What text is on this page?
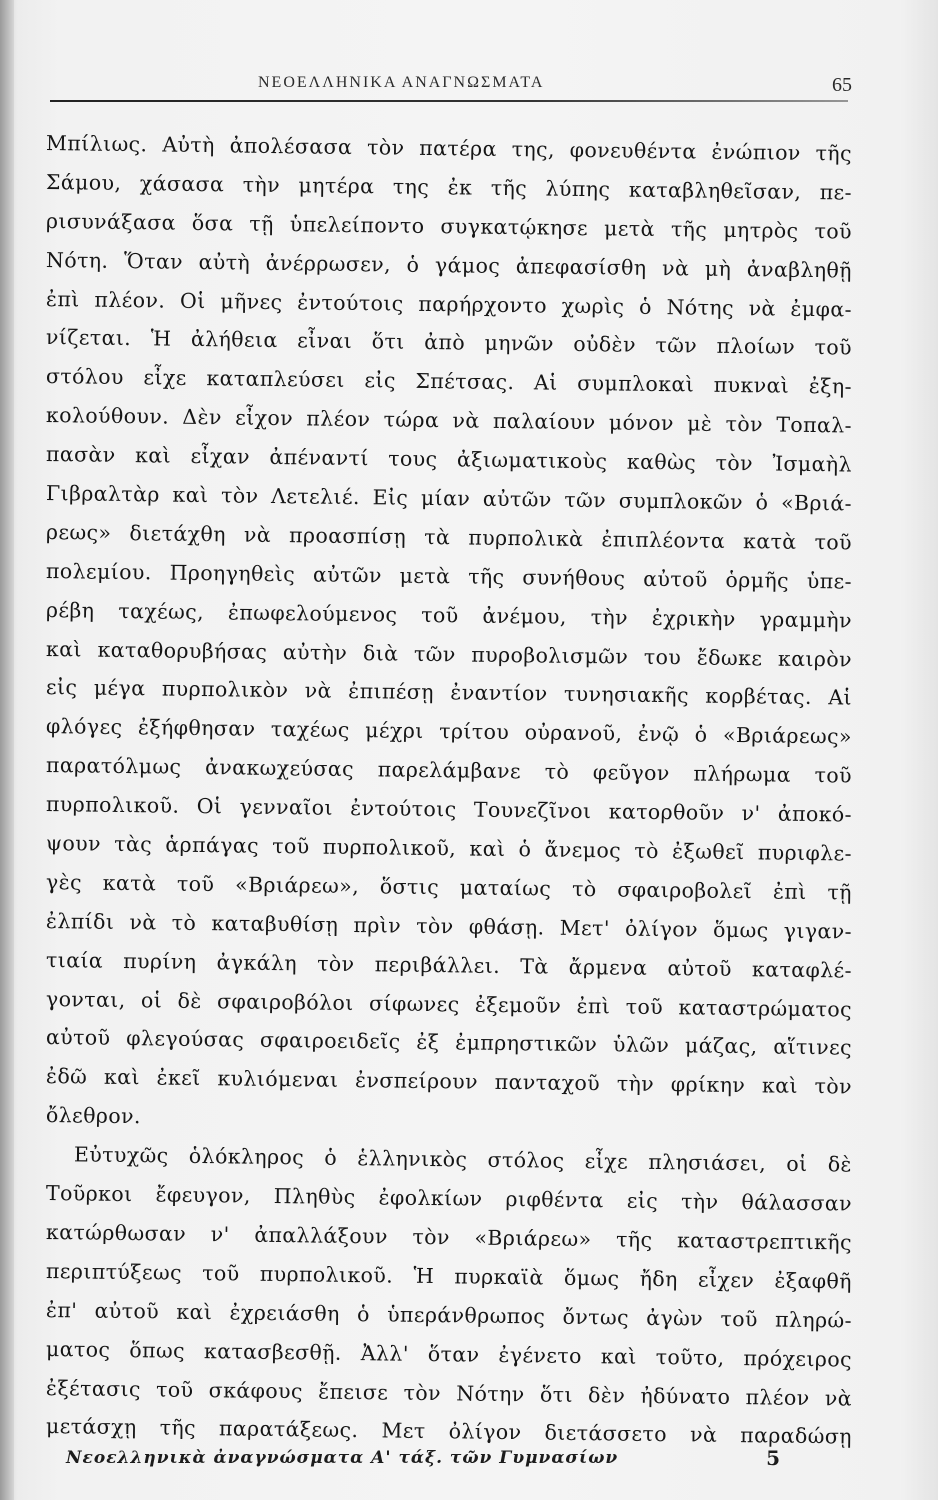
ΝΕΟΕΛΛΗΝΙΚΑ ΑΝΑΓΝΩΣΜΑΤΑ	65
Μπίλιως. Αὐτὴ ἀπολέσασα τὸν πατέρα της, φονευθέντα ἐνώπιον τῆς
Σάμου, χάσασα τὴν μητέρα της ἐκ τῆς λύπης καταβληθεῖσαν, πε-
ρισυνάξασα ὅσα τῇ ὑπελείποντο συγκατῴκησε μετὰ τῆς μητρὸς τοῦ
Νότη. Ὅταν αὐτὴ ἀνέρρωσεν, ὁ γάμος ἀπεφασίσθη νὰ μὴ ἀναβληθῇ
ἐπὶ πλέον. Οἱ μῆνες ἐντούτοις παρήρχοντο χωρὶς ὁ Νότης νὰ ἐμφα-
νίζεται. Ἡ ἀλήθεια εἶναι ὅτι ἀπὸ μηνῶν οὐδὲν τῶν πλοίων τοῦ
στόλου εἶχε καταπλεύσει εἰς Σπέτσας. Αἱ συμπλοκαὶ πυκναὶ ἐξη-
κολούθουν. Δὲν εἶχον πλέον τώρα νὰ παλαίουν μόνον μὲ τὸν Τοπαλ-
πασὰν καὶ εἶχαν ἀπέναντί τους ἀξιωματικοὺς καθὼς τὸν Ἰσμαὴλ
Γιβραλτὰρ καὶ τὸν Λετελιέ. Εἰς μίαν αὐτῶν τῶν συμπλοκῶν ὁ «Βριά-
ρεως» διετάχθη νὰ προασπίσῃ τὰ πυρπολικὰ ἐπιπλέοντα κατὰ τοῦ
πολεμίου. Προηγηθεὶς αὐτῶν μετὰ τῆς συνήθους αὐτοῦ ὁρμῆς ὑπε-
ρέβη ταχέως, ἐπωφελούμενος τοῦ ἀνέμου, τὴν ἐχρικὴν γραμμὴν
καὶ καταθορυβήσας αὐτὴν διὰ τῶν πυροβολισμῶν του ἔδωκε καιρὸν
εἰς μέγα πυρπολικὸν νὰ ἐπιπέσῃ ἐναντίον τυνησιακῆς κορβέτας. Αἱ
φλόγες ἐξήφθησαν ταχέως μέχρι τρίτου οὐρανοῦ, ἐνῷ ὁ «Βριάρεως»
παρατόλμως ἀνακωχεύσας παρελάμβανε τὸ φεῦγον πλήρωμα τοῦ
πυρπολικοῦ. Οἱ γενναῖοι ἐντούτοις Τουνεζῖνοι κατορθοῦν ν' ἀποκό-
ψουν τὰς ἁρπάγας τοῦ πυρπολικοῦ, καὶ ὁ ἄνεμος τὸ ἐξωθεῖ πυριφλε-
γὲς κατὰ τοῦ «Βριάρεω», ὅστις ματαίως τὸ σφαιροβολεῖ ἐπὶ τῇ
ἐλπίδι νὰ τὸ καταβυθίσῃ πρὶν τὸν φθάσῃ. Μετ' ὀλίγον ὅμως γιγαν-
τιαία πυρίνη ἀγκάλη τὸν περιβάλλει. Τὰ ἄρμενα αὐτοῦ καταφλέ-
γονται, οἱ δὲ σφαιροβόλοι σίφωνες ἐξεμοῦν ἐπὶ τοῦ καταστρώματος
αὐτοῦ φλεγούσας σφαιροειδεῖς ἐξ ἐμπρηστικῶν ὑλῶν μάζας, αἵτινες
ἐδῶ καὶ ἐκεῖ κυλιόμεναι ἐνσπείρουν πανταχοῦ τὴν φρίκην καὶ τὸν
ὄλεθρον.
Εὐτυχῶς ὁλόκληρος ὁ ἑλληνικὸς στόλος εἶχε πλησιάσει, οἱ δὲ
Τοῦρκοι ἔφευγον, Πληθὺς ἐφολκίων ριφθέντα εἰς τὴν θάλασσαν
κατώρθωσαν ν' ἀπαλλάξουν τὸν «Βριάρεω» τῆς καταστρεπτικῆς
περιπτύξεως τοῦ πυρπολικοῦ. Ἡ πυρκαϊὰ ὅμως ἤδη εἶχεν ἐξαφθῆ
ἐπ' αὐτοῦ καὶ ἐχρειάσθη ὁ ὑπεράνθρωπος ὄντως ἀγὼν τοῦ πληρώ-
ματος ὅπως κατασβεσθῇ. Ἀλλ' ὅταν ἐγένετο καὶ τοῦτο, πρόχειρος
ἐξέτασις τοῦ σκάφους ἔπεισε τὸν Νότην ὅτι δὲν ἠδύνατο πλέον νὰ
μετάσχῃ τῆς παρατάξεως. Μετ ὀλίγον διετάσσετο νὰ παραδώσῃ
Νεοελληνικὰ ἀναγνώσματα Α' τάξ. τῶν Γυμνασίων	5
